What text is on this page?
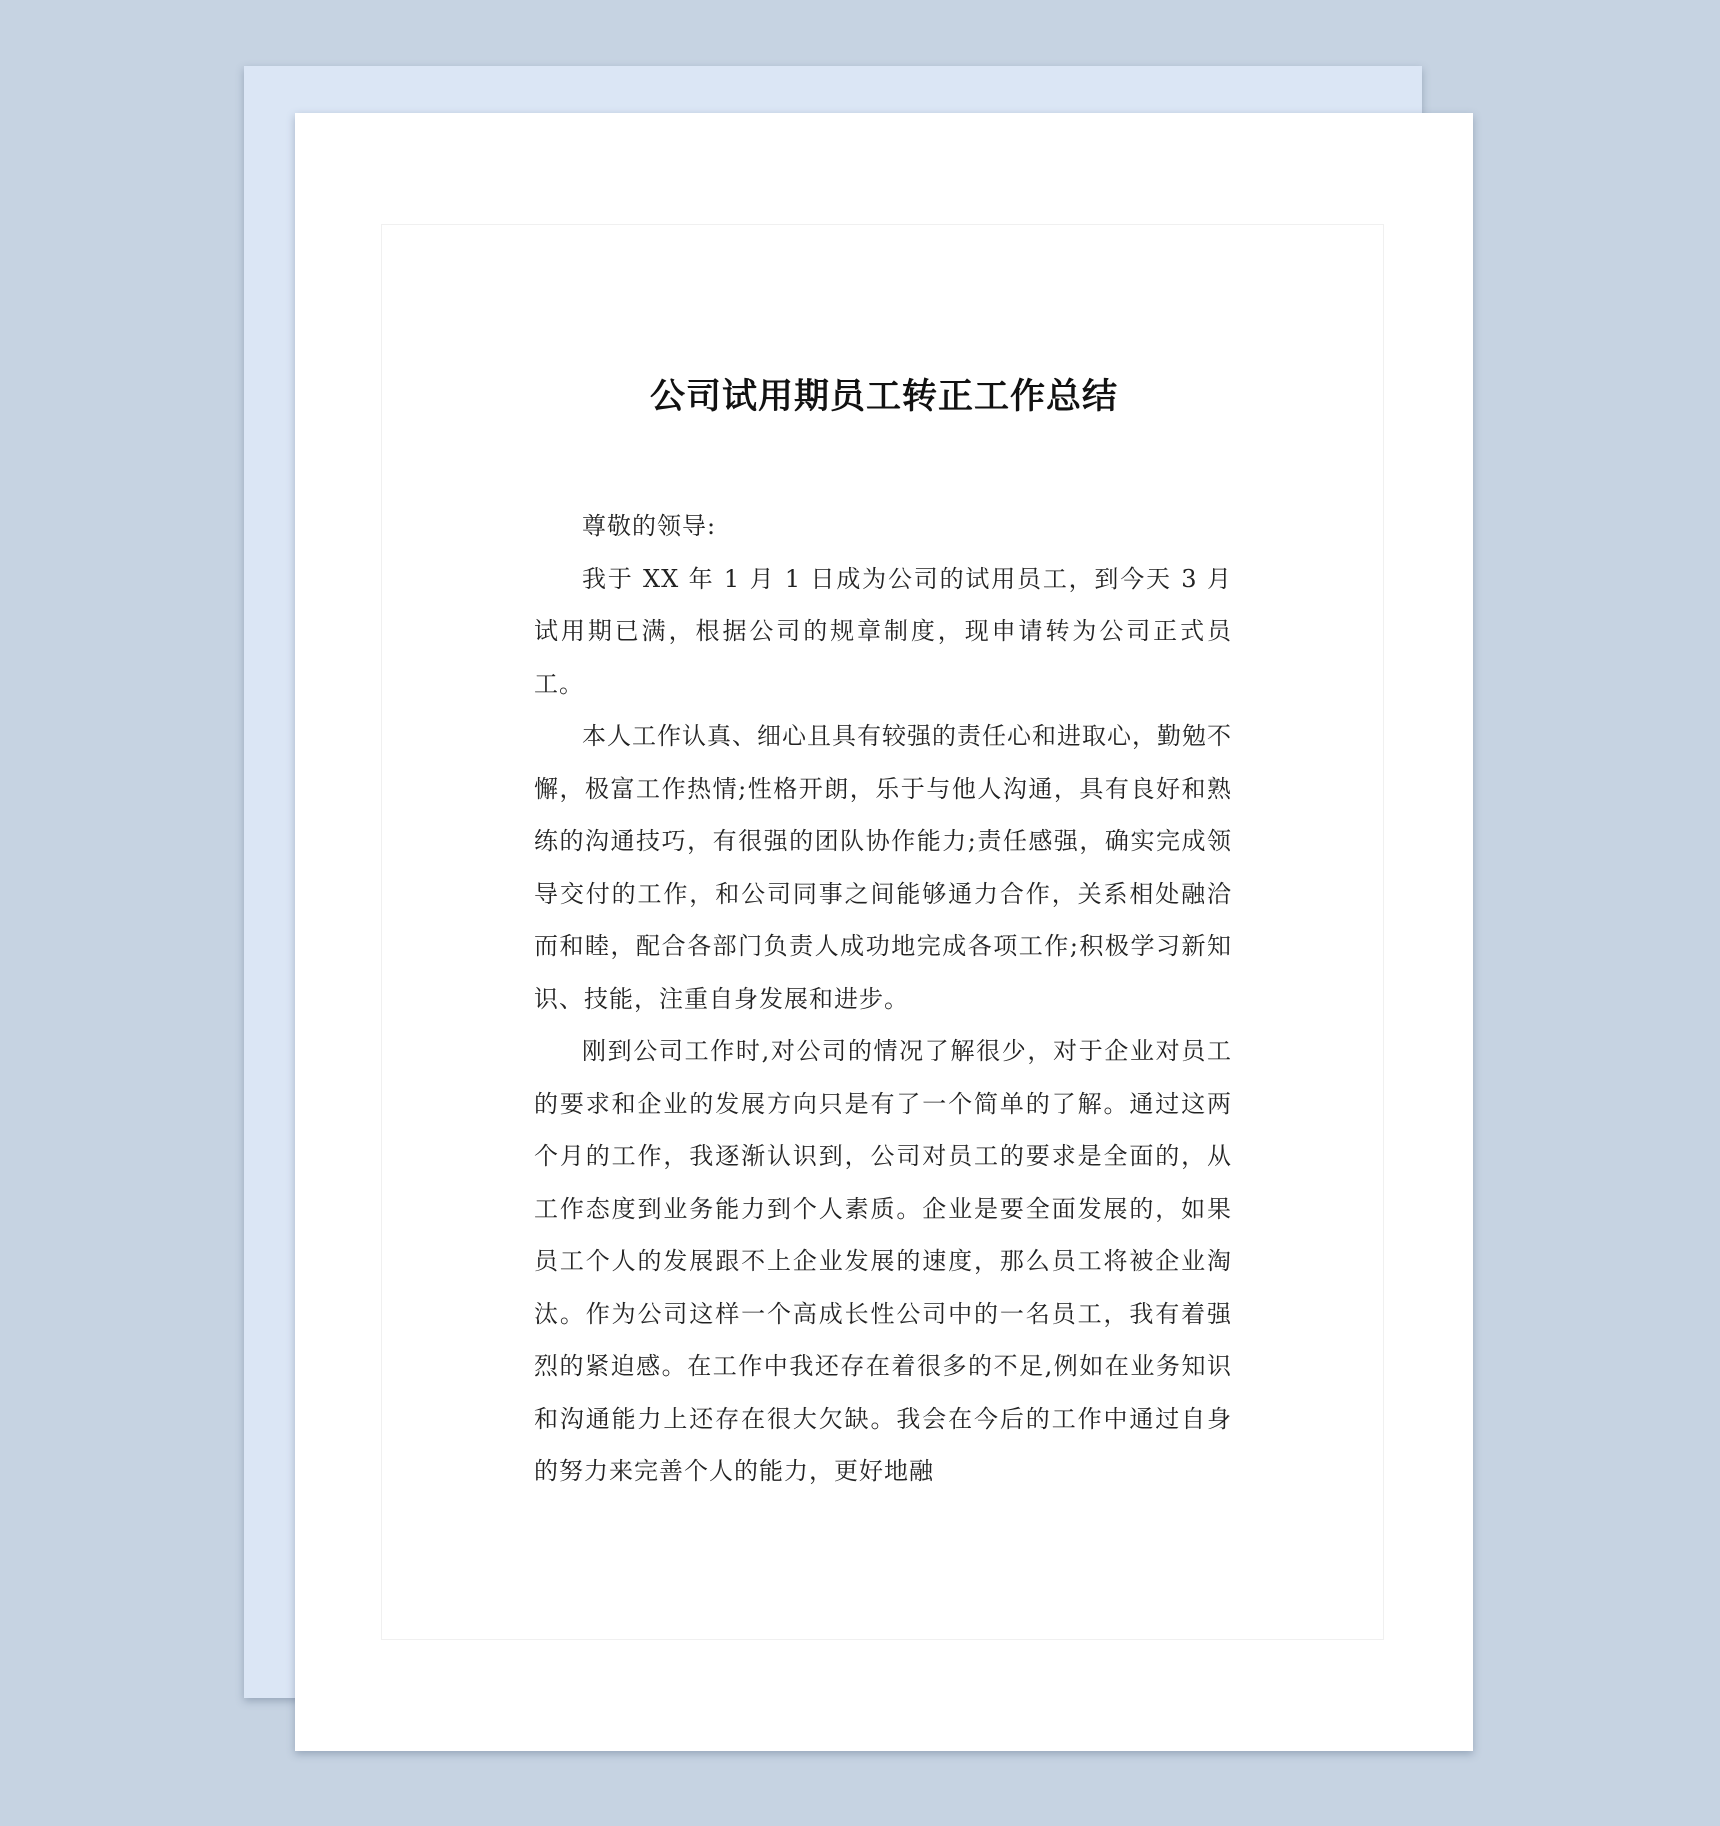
公司试用期员工转正工作总结

尊敬的领导:

我于 XX 年 1 月 1 日成为公司的试用员工，到今天 3 月试用期已满，根据公司的规章制度，现申请转为公司正式员工。

本人工作认真、细心且具有较强的责任心和进取心，勤勉不懈，极富工作热情;性格开朗，乐于与他人沟通，具有良好和熟练的沟通技巧，有很强的团队协作能力;责任感强，确实完成领导交付的工作，和公司同事之间能够通力合作，关系相处融洽而和睦，配合各部门负责人成功地完成各项工作;积极学习新知识、技能，注重自身发展和进步。

刚到公司工作时,对公司的情况了解很少，对于企业对员工的要求和企业的发展方向只是有了一个简单的了解。通过这两个月的工作，我逐渐认识到，公司对员工的要求是全面的，从工作态度到业务能力到个人素质。企业是要全面发展的，如果员工个人的发展跟不上企业发展的速度，那么员工将被企业淘汰。作为公司这样一个高成长性公司中的一名员工，我有着强烈的紧迫感。在工作中我还存在着很多的不足,例如在业务知识和沟通能力上还存在很大欠缺。我会在今后的工作中通过自身的努力来完善个人的能力，更好地融
